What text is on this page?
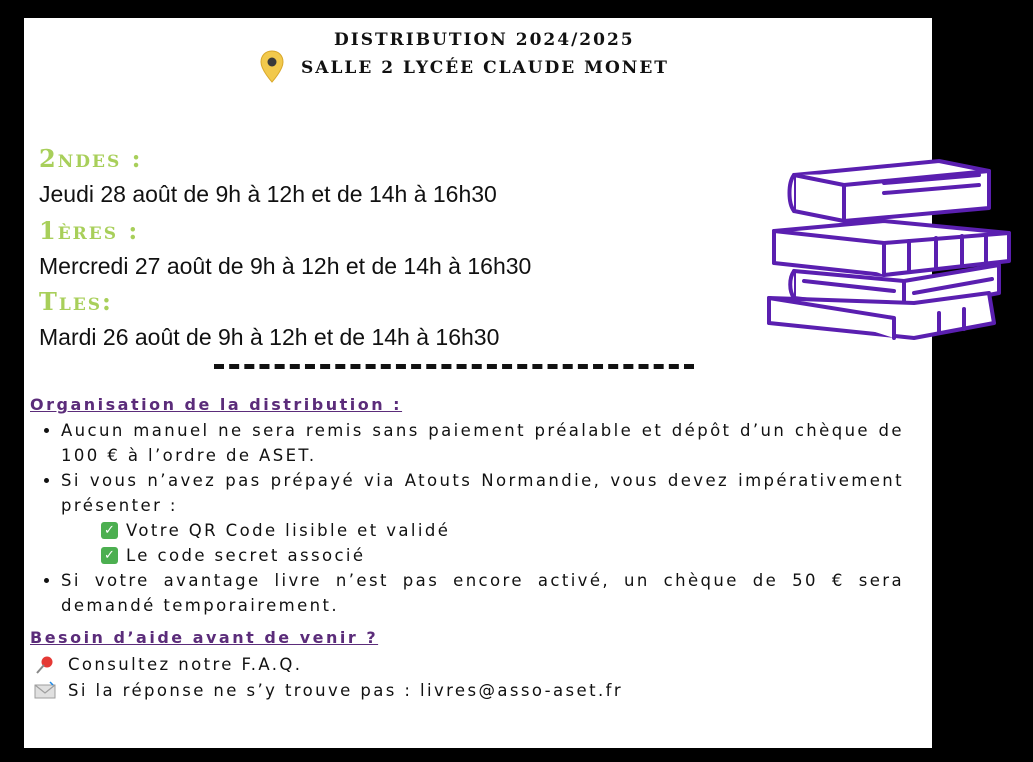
DISTRIBUTION 2024/2025
SALLE 2 LYCÉE CLAUDE MONET
2ndes :
Jeudi 28 août de 9h à 12h et de 14h à 16h30
1ères :
Mercredi 27 août de 9h à 12h et de 14h à 16h30
Tles:
Mardi 26 août de 9h à 12h et de 14h à 16h30
Organisation de la distribution :
Aucun manuel ne sera remis sans paiement préalable et dépôt d’un chèque de 100 € à l’ordre de ASET.
Si vous n’avez pas prépayé via Atouts Normandie, vous devez impérativement présenter :
✓ Votre QR Code lisible et validé
✓ Le code secret associé
Si votre avantage livre n’est pas encore activé, un chèque de 50 € sera demandé temporairement.
Besoin d’aide avant de venir ?
Consultez notre F.A.Q.
Si la réponse ne s’y trouve pas : livres@asso-aset.fr
